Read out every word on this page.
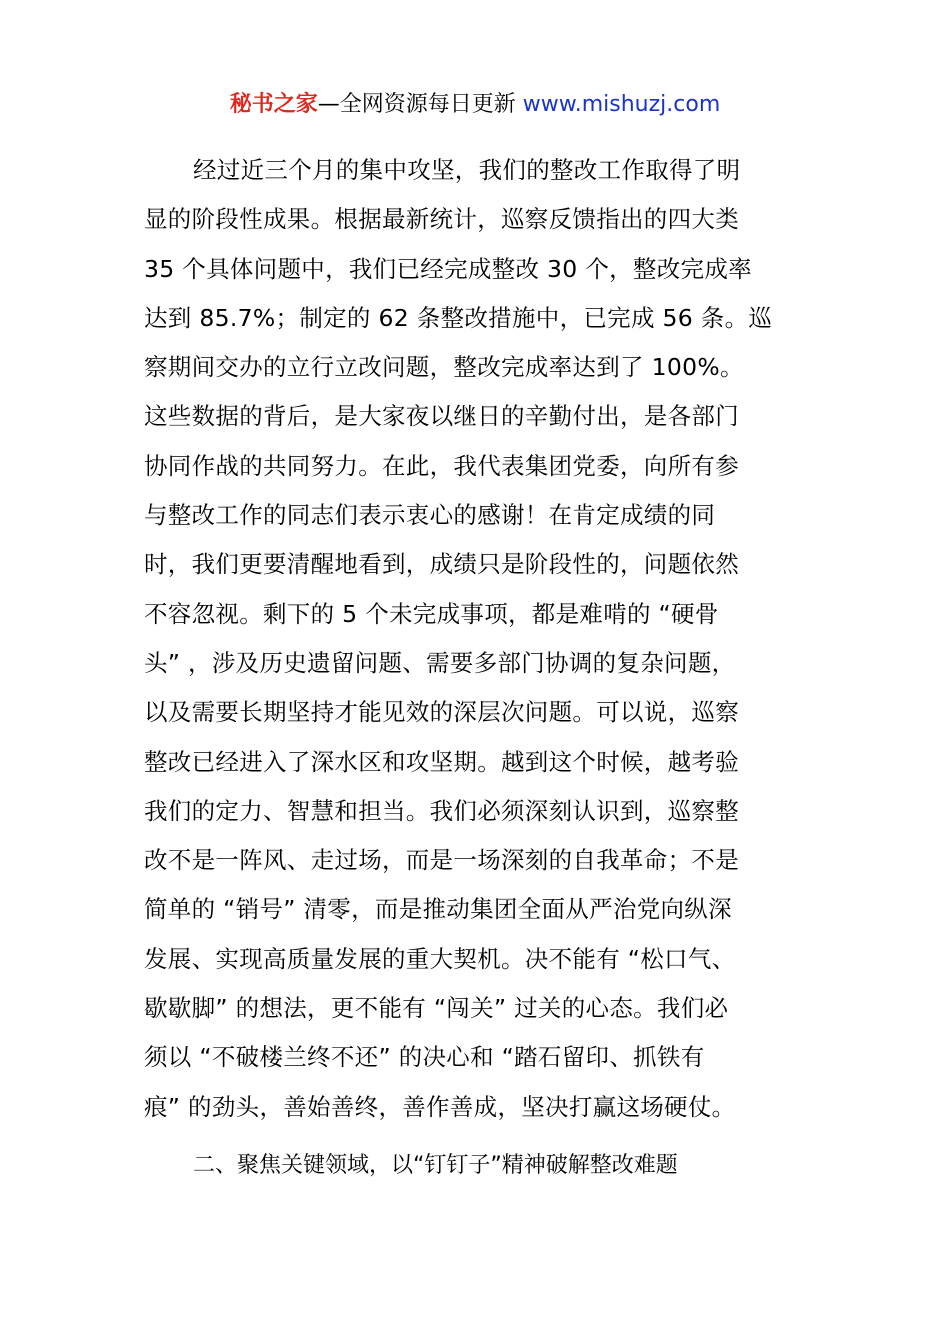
秘书之家—全网资源每日更新 www.mishuzj.com
经过近三个月的集中攻坚，我们的整改工作取得了明
显的阶段性成果。根据最新统计，巡察反馈指出的四大类
35 个具体问题中，我们已经完成整改 30 个，整改完成率
达到 85.7%；制定的 62 条整改措施中，已完成 56 条。巡
察期间交办的立行立改问题，整改完成率达到了 100%。
这些数据的背后，是大家夜以继日的辛勤付出，是各部门
协同作战的共同努力。在此，我代表集团党委，向所有参
与整改工作的同志们表示衷心的感谢！在肯定成绩的同
时，我们更要清醒地看到，成绩只是阶段性的，问题依然
不容忽视。剩下的 5 个未完成事项，都是难啃的 “硬骨
头” ，涉及历史遗留问题、需要多部门协调的复杂问题，
以及需要长期坚持才能见效的深层次问题。可以说，巡察
整改已经进入了深水区和攻坚期。越到这个时候，越考验
我们的定力、智慧和担当。我们必须深刻认识到，巡察整
改不是一阵风、走过场，而是一场深刻的自我革命；不是
简单的 “销号” 清零，而是推动集团全面从严治党向纵深
发展、实现高质量发展的重大契机。决不能有 “松口气、
歇歇脚” 的想法，更不能有 “闯关” 过关的心态。我们必
须以 “不破楼兰终不还” 的决心和 “踏石留印、抓铁有
痕” 的劲头，善始善终，善作善成，坚决打赢这场硬仗。
二、聚焦关键领域，以“钉钉子”精神破解整改难题
